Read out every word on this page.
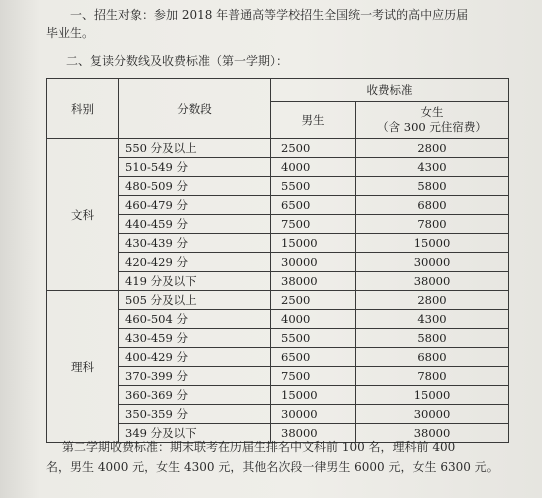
一、招生对象：参加 2018 年普通高等学校招生全国统一考试的高中应历届
毕业生。
二、复读分数线及收费标准（第一学期）：
科别	分数段	收费标准	
		男生	女生
（含 300 元住宿费）

文科	550 分及以上	2500	2800
	510-549 分	4000	4300
	480-509 分	5500	5800
	460-479 分	6500	6800
	440-459 分	7500	7800
	430-439 分	15000	15000
	420-429 分	30000	30000
	419 分及以下	38000	38000
理科	505 分及以上	2500	2800
	460-504 分	4000	4300
	430-459 分	5500	5800
	400-429 分	6500	6800
	370-399 分	7500	7800
	360-369 分	15000	15000
	350-359 分	30000	30000
	349 分及以下	38000	38000
第二学期收费标准：期末联考在历届生排名中文科前 100 名，理科前 400
名，男生 4000 元，女生 4300 元，其他名次段一律男生 6000 元，女生 6300 元。
